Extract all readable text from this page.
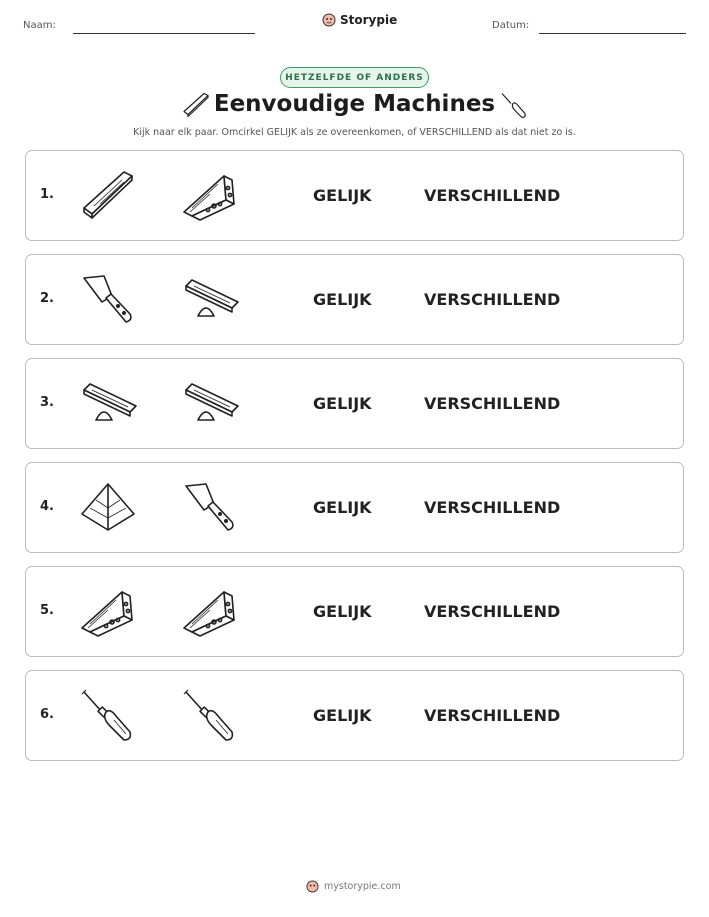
Naam:	Storypie	Datum:
HETZELFDE OF ANDERS
Eenvoudige Machines
Kijk naar elk paar. Omcirkel GELIJK als ze overeenkomen, of VERSCHILLEND als dat niet zo is.
1.	GELIJK	VERSCHILLEND
2.	GELIJK	VERSCHILLEND
3.	GELIJK	VERSCHILLEND
4.	GELIJK	VERSCHILLEND
5.	GELIJK	VERSCHILLEND
6.	GELIJK	VERSCHILLEND
mystorypie.com
